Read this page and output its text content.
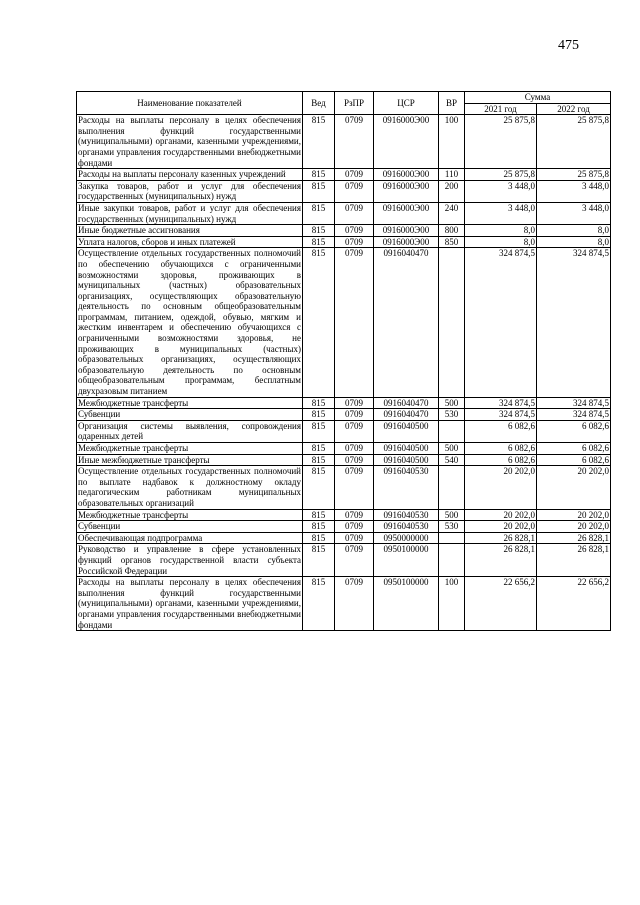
475
Наименование показателей	Вед	РзПР	ЦСР	ВР	Сумма	
					2021 год	2022 год
Расходы на выплаты персоналу в целях обеспечения выполнения функций государственными (муниципальными) органами, казенными учреждениями, органами управления государственными внебюджетными фондами	815	0709	0916000Э00	100	25 875,8	25 875,8
Расходы на выплаты персоналу казенных учреждений	815	0709	0916000Э00	110	25 875,8	25 875,8
Закупка товаров, работ и услуг для обеспечения государственных (муниципальных) нужд	815	0709	0916000Э00	200	3 448,0	3 448,0
Иные закупки товаров, работ и услуг для обеспечения государственных (муниципальных) нужд	815	0709	0916000Э00	240	3 448,0	3 448,0
Иные бюджетные ассигнования	815	0709	0916000Э00	800	8,0	8,0
Уплата налогов, сборов и иных платежей	815	0709	0916000Э00	850	8,0	8,0
Осуществление отдельных государственных полномочий по обеспечению обучающихся с ограниченными возможностями здоровья, проживающих в муниципальных (частных) образовательных организациях, осуществляющих образовательную деятельность по основным общеобразовательным программам, питанием, одеждой, обувью, мягким и жестким инвентарем и обеспечению обучающихся с ограниченными возможностями здоровья, не проживающих в муниципальных (частных) образовательных организациях, осуществляющих образовательную деятельность по основным общеобразовательным программам, бесплатным двухразовым питанием	815	0709	0916040470		324 874,5	324 874,5
Межбюджетные трансферты	815	0709	0916040470	500	324 874,5	324 874,5
Субвенции	815	0709	0916040470	530	324 874,5	324 874,5
Организация системы выявления, сопровождения одаренных детей	815	0709	0916040500		6 082,6	6 082,6
Межбюджетные трансферты	815	0709	0916040500	500	6 082,6	6 082,6
Иные межбюджетные трансферты	815	0709	0916040500	540	6 082,6	6 082,6
Осуществление отдельных государственных полномочий по выплате надбавок к должностному окладу педагогическим работникам муниципальных образовательных организаций	815	0709	0916040530		20 202,0	20 202,0
Межбюджетные трансферты	815	0709	0916040530	500	20 202,0	20 202,0
Субвенции	815	0709	0916040530	530	20 202,0	20 202,0
Обеспечивающая подпрограмма	815	0709	0950000000		26 828,1	26 828,1
Руководство и управление в сфере установленных функций органов государственной власти субъекта Российской Федерации	815	0709	0950100000		26 828,1	26 828,1
Расходы на выплаты персоналу в целях обеспечения выполнения функций государственными (муниципальными) органами, казенными учреждениями, органами управления государственными внебюджетными фондами	815	0709	0950100000	100	22 656,2	22 656,2
